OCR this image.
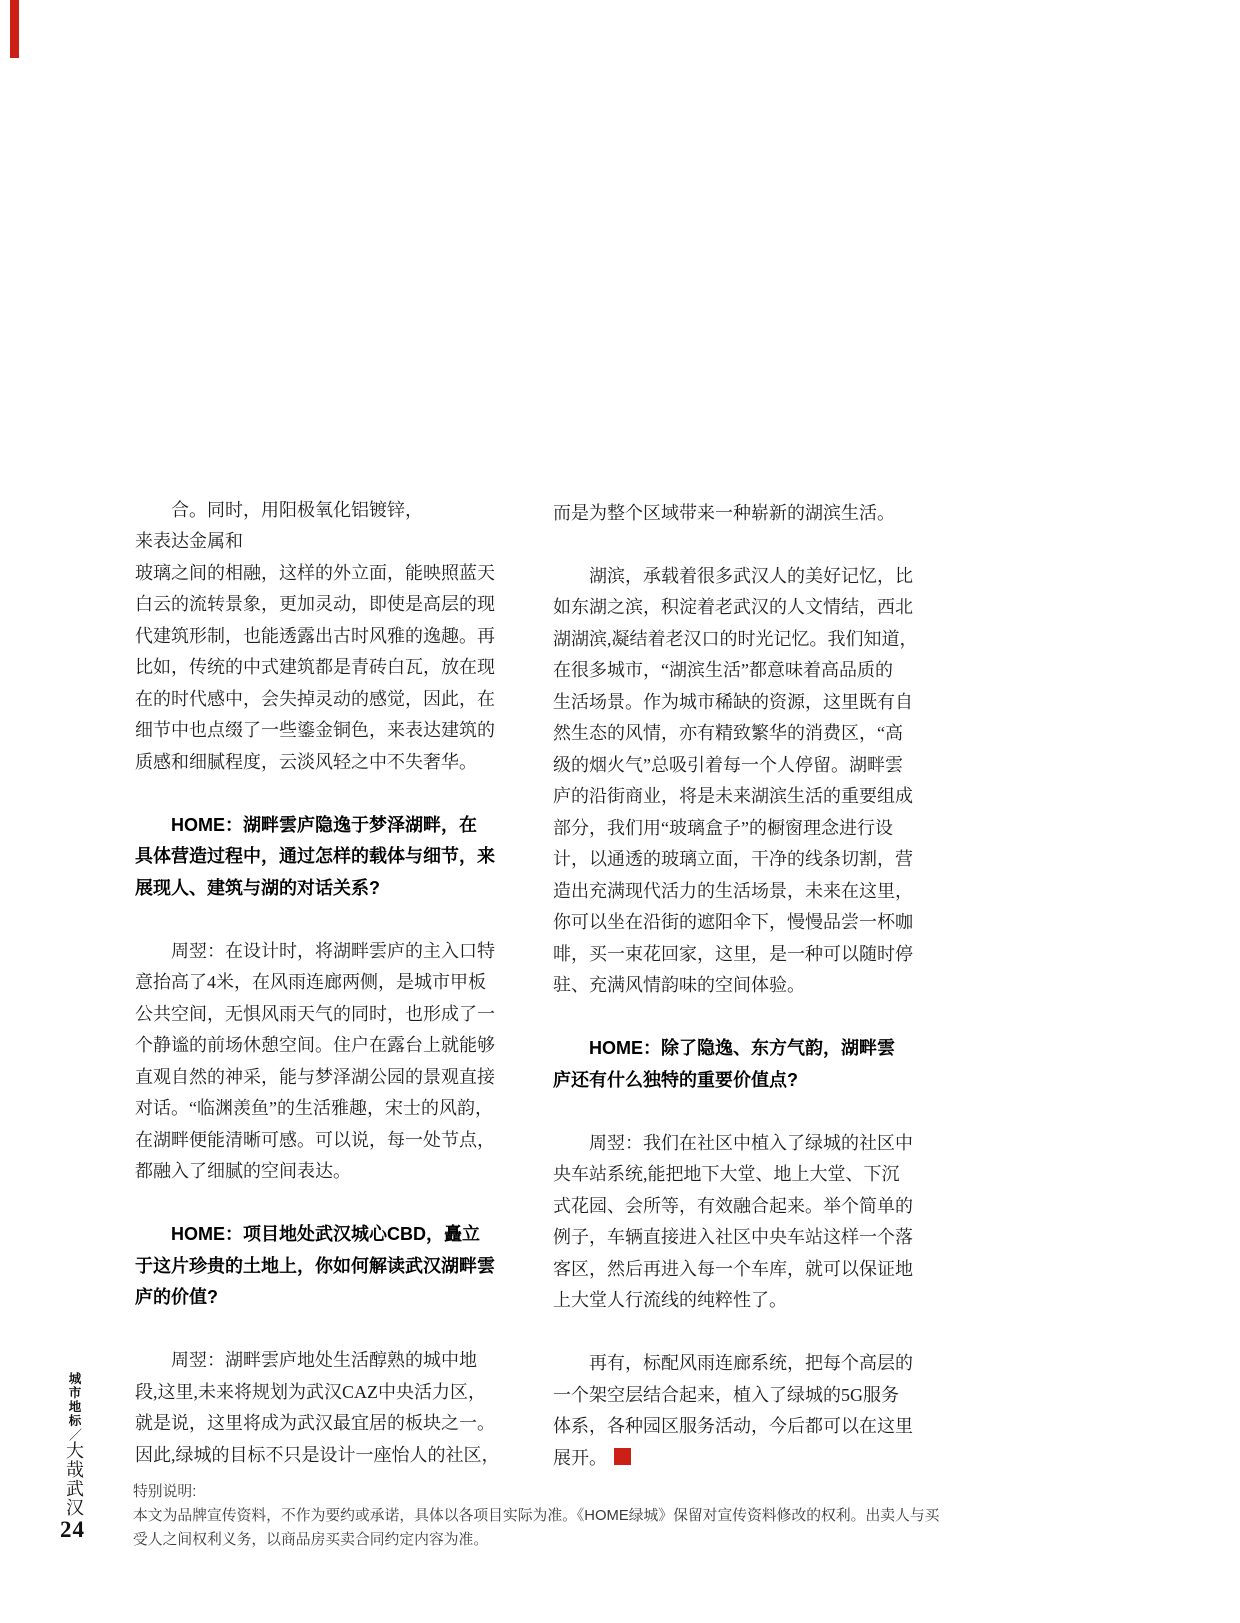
合。同时，用阳极氧化铝镀锌，来表达金属和
玻璃之间的相融，这样的外立面，能映照蓝天
白云的流转景象，更加灵动，即使是高层的现
代建筑形制，也能透露出古时风雅的逸趣。再
比如，传统的中式建筑都是青砖白瓦，放在现
在的时代感中，会失掉灵动的感觉，因此，在
细节中也点缀了一些鎏金铜色，来表达建筑的
质感和细腻程度，云淡风轻之中不失奢华。

HOME：湖畔雲庐隐逸于梦泽湖畔，在
具体营造过程中，通过怎样的载体与细节，来
展现人、建筑与湖的对话关系?

周翌：在设计时，将湖畔雲庐的主入口特
意抬高了4米，在风雨连廊两侧，是城市甲板
公共空间，无惧风雨天气的同时，也形成了一
个静谧的前场休憩空间。住户在露台上就能够
直观自然的神采，能与梦泽湖公园的景观直接
对话。“临渊羡鱼”的生活雅趣，宋士的风韵，
在湖畔便能清晰可感。可以说，每一处节点，
都融入了细腻的空间表达。

HOME：项目地处武汉城心CBD，矗立
于这片珍贵的土地上，你如何解读武汉湖畔雲
庐的价值?

周翌：湖畔雲庐地处生活醇熟的城中地
段,这里,未来将规划为武汉CAZ中央活力区，
就是说，这里将成为武汉最宜居的板块之一。
因此,绿城的目标不只是设计一座怡人的社区，

而是为整个区域带来一种崭新的湖滨生活。

湖滨，承载着很多武汉人的美好记忆，比
如东湖之滨，积淀着老武汉的人文情结，西北
湖湖滨,凝结着老汉口的时光记忆。我们知道，
在很多城市，“湖滨生活”都意味着高品质的
生活场景。作为城市稀缺的资源，这里既有自
然生态的风情，亦有精致繁华的消费区，“高
级的烟火气”总吸引着每一个人停留。湖畔雲
庐的沿街商业，将是未来湖滨生活的重要组成
部分，我们用“玻璃盒子”的橱窗理念进行设
计，以通透的玻璃立面，干净的线条切割，营
造出充满现代活力的生活场景，未来在这里，
你可以坐在沿街的遮阳伞下，慢慢品尝一杯咖
啡，买一束花回家，这里，是一种可以随时停
驻、充满风情韵味的空间体验。

HOME：除了隐逸、东方气韵，湖畔雲
庐还有什么独特的重要价值点?

周翌：我们在社区中植入了绿城的社区中
央车站系统,能把地下大堂、地上大堂、下沉
式花园、会所等，有效融合起来。举个简单的
例子，车辆直接进入社区中央车站这样一个落
客区，然后再进入每一个车库，就可以保证地
上大堂人行流线的纯粹性了。

再有，标配风雨连廊系统，把每个高层的
一个架空层结合起来，植入了绿城的5G服务
体系，各种园区服务活动，今后都可以在这里
展开。

城市地标／大哉武汉
24
特别说明:
本文为品牌宣传资料，不作为要约或承诺，具体以各项目实际为准。《HOME绿城》保留对宣传资料修改的权利。出卖人与买
受人之间权利义务，以商品房买卖合同约定内容为准。
